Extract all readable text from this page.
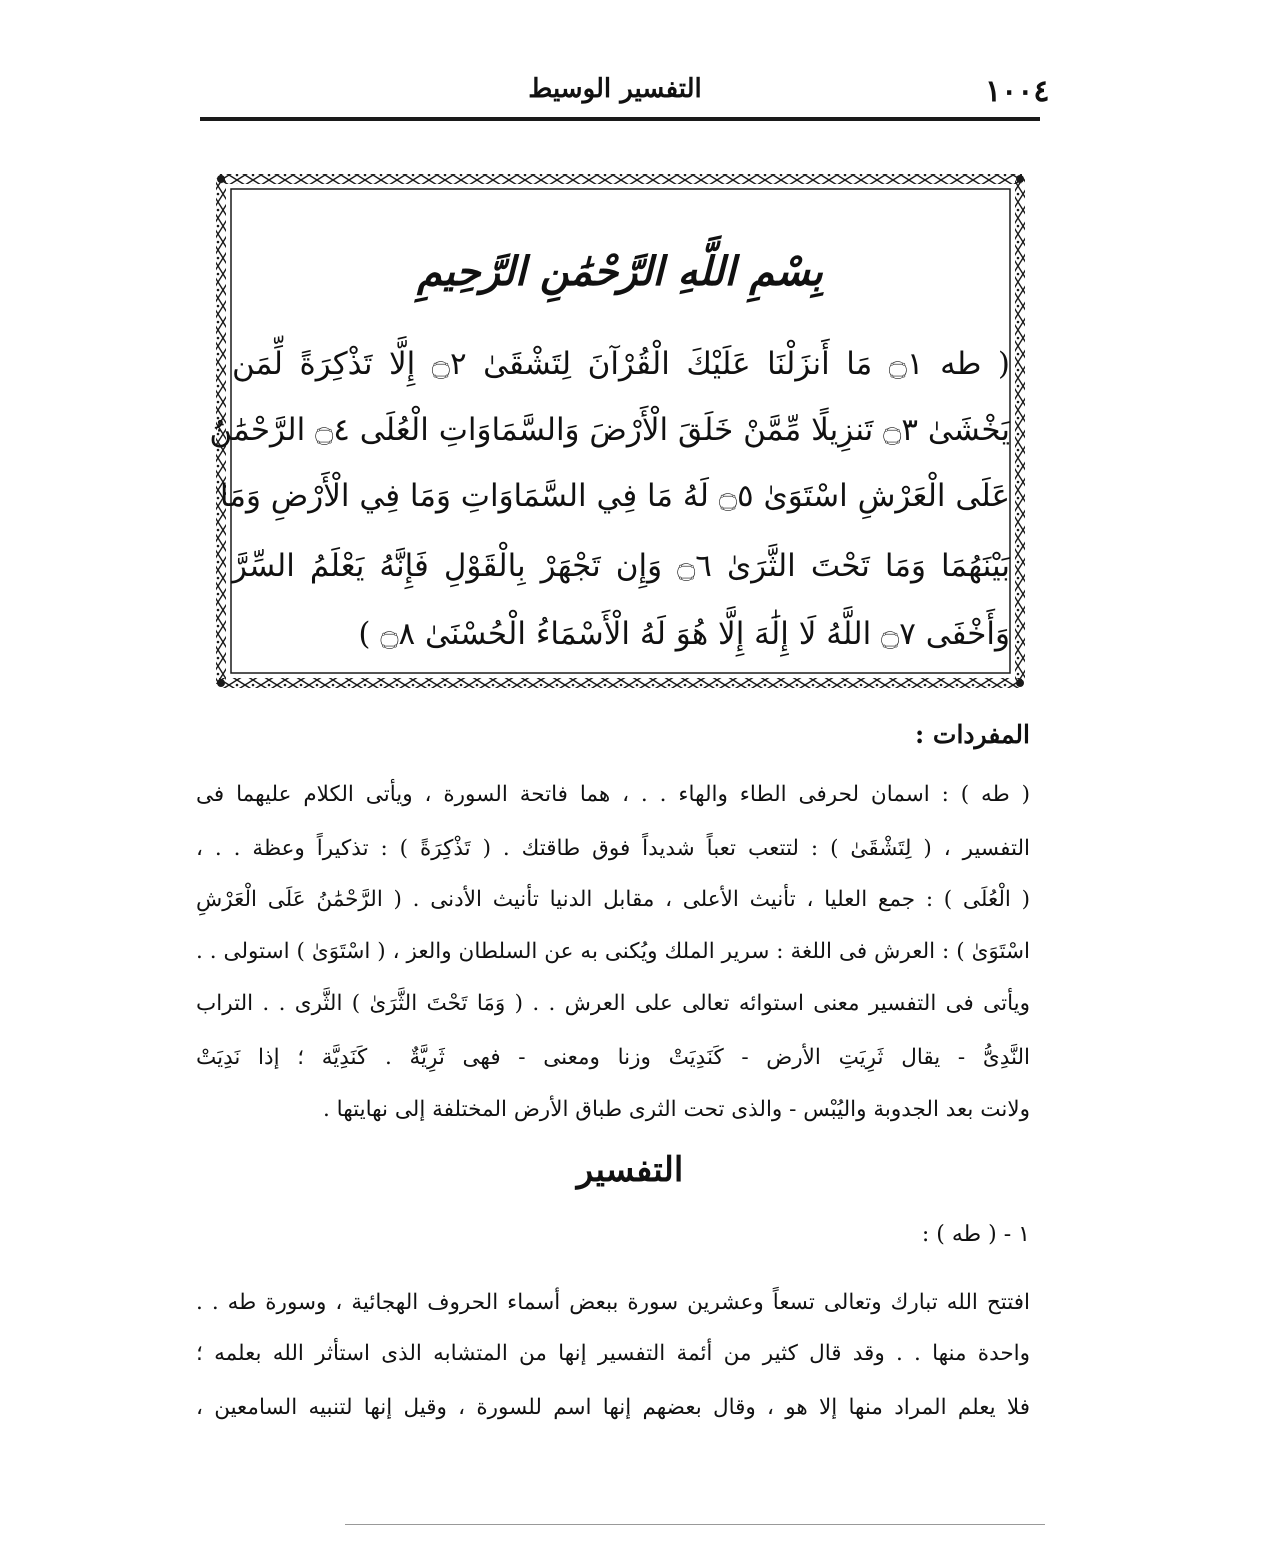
١٠٠٤
التفسير الوسيط
بِسْمِ اللَّهِ الرَّحْمَٰنِ الرَّحِيمِ
( طه ۝١ مَا أَنزَلْنَا عَلَيْكَ الْقُرْآنَ لِتَشْقَىٰ ۝٢ إِلَّا تَذْكِرَةً لِّمَن
يَخْشَىٰ ۝٣ تَنزِيلًا مِّمَّنْ خَلَقَ الْأَرْضَ وَالسَّمَاوَاتِ الْعُلَى ۝٤ الرَّحْمَٰنُ
عَلَى الْعَرْشِ اسْتَوَىٰ ۝٥ لَهُ مَا فِي السَّمَاوَاتِ وَمَا فِي الْأَرْضِ وَمَا
بَيْنَهُمَا وَمَا تَحْتَ الثَّرَىٰ ۝٦ وَإِن تَجْهَرْ بِالْقَوْلِ فَإِنَّهُ يَعْلَمُ السِّرَّ
وَأَخْفَى ۝٧ اللَّهُ لَا إِلَٰهَ إِلَّا هُوَ لَهُ الْأَسْمَاءُ الْحُسْنَىٰ ۝٨ )
المفردات :
( طه ) : اسمان لحرفى الطاء والهاء . . ، هما فاتحة السورة ، ويأتى الكلام عليهما فى
التفسير ، ( لِتَشْقَىٰ ) : لتتعب تعباً شديداً فوق طاقتك . ( تَذْكِرَةً ) : تذكيراً وعظة . . ،
( الْعُلَى ) : جمع العليا ، تأنيث الأعلى ، مقابل الدنيا تأنيث الأدنى . ( الرَّحْمَٰنُ عَلَى الْعَرْشِ
اسْتَوَىٰ ) : العرش فى اللغة : سرير الملك ويُكنى به عن السلطان والعز ، ( اسْتَوَىٰ ) استولى . .
ويأتى فى التفسير معنى استوائه تعالى على العرش . . ( وَمَا تَحْتَ الثَّرَىٰ ) الثَّرى . . التراب
النَّدِىُّ - يقال ثَرِيَتِ الأرض - كَنَدِيَتْ وزنا ومعنى - فهى ثَرِيَّةٌ . كَنَدِيَّة ؛ إذا نَدِيَتْ
ولانت بعد الجدوبة واليُبْس - والذى تحت الثرى طباق الأرض المختلفة إلى نهايتها .
التفسير
١ - ( طه ) :
افتتح الله تبارك وتعالى تسعاً وعشرين سورة ببعض أسماء الحروف الهجائية ، وسورة طه . .
واحدة منها . . وقد قال كثير من أئمة التفسير إنها من المتشابه الذى استأثر الله بعلمه ؛
فلا يعلم المراد منها إلا هو ، وقال بعضهم إنها اسم للسورة ، وقيل إنها لتنبيه السامعين ،
